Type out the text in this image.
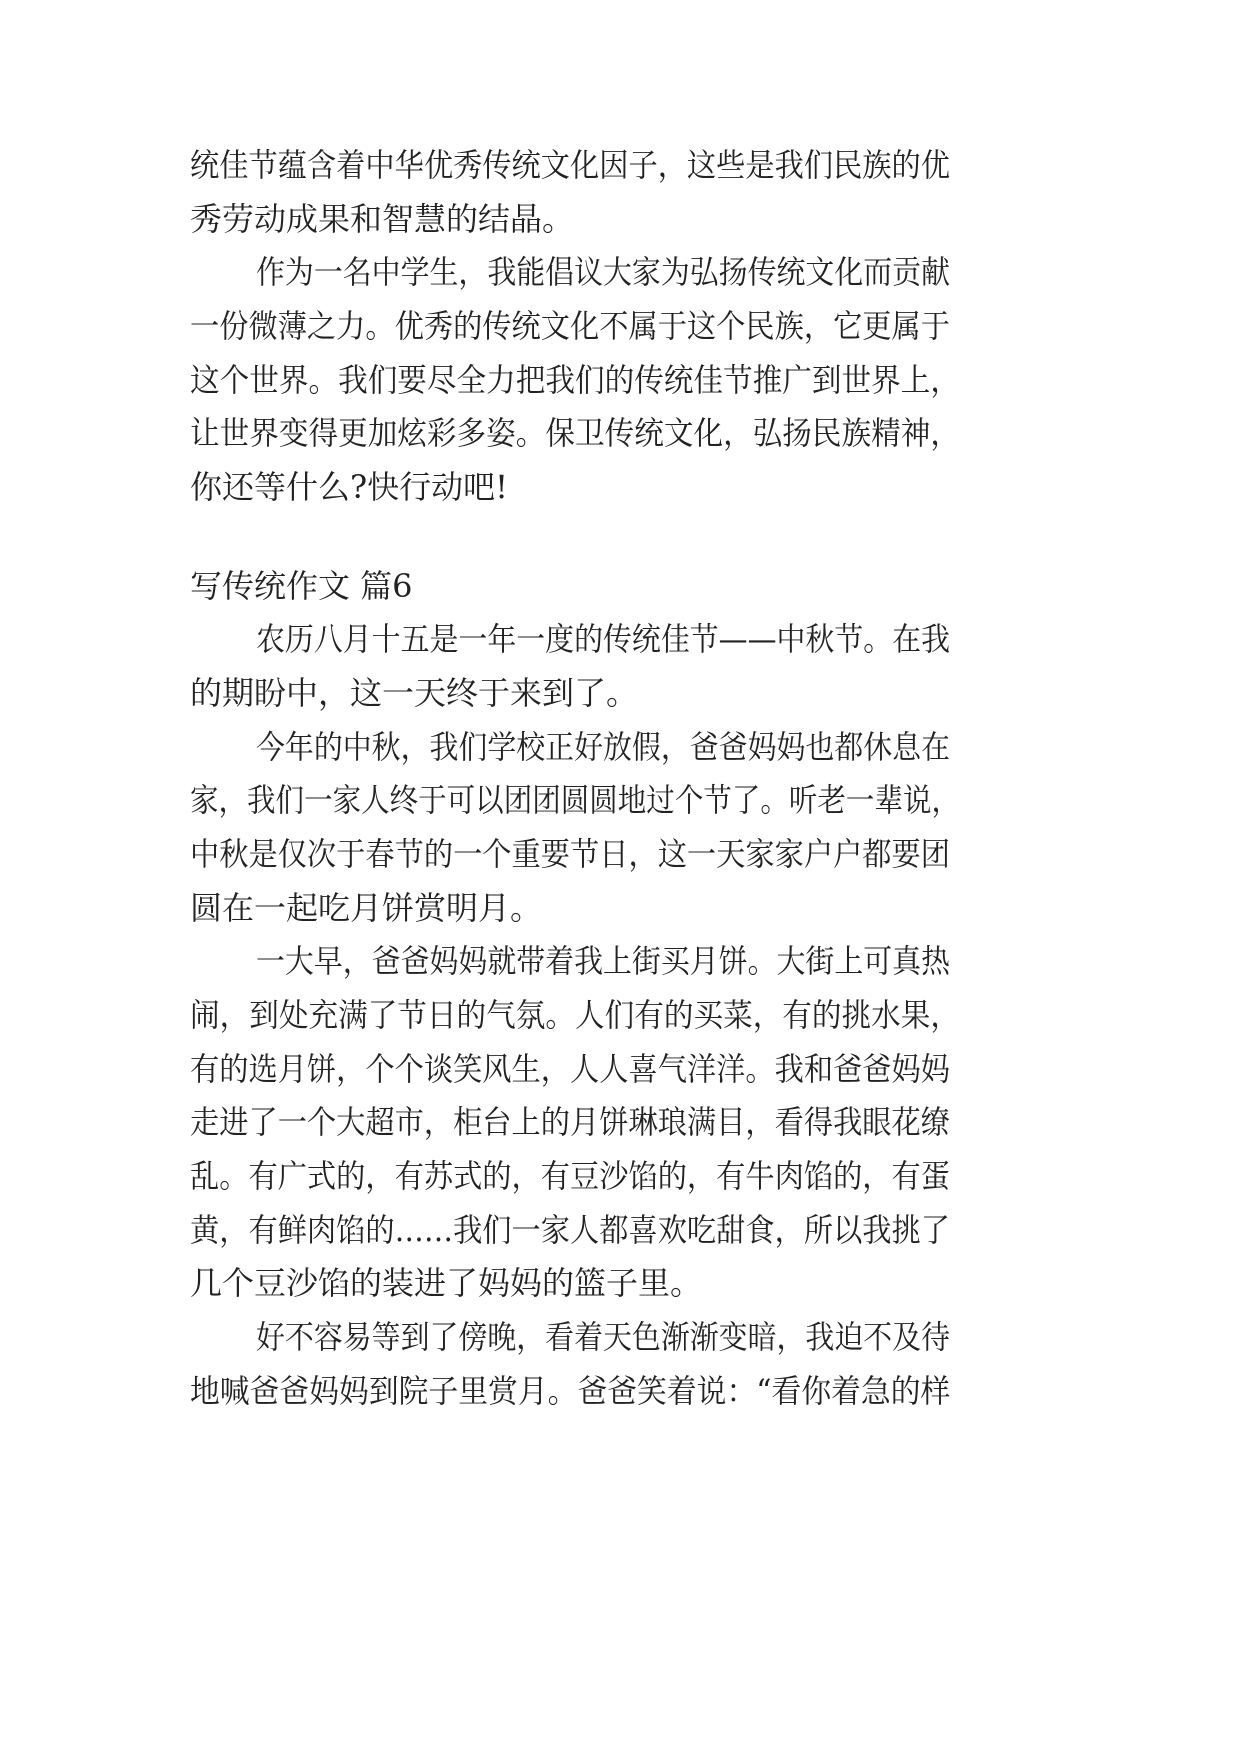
统佳节蕴含着中华优秀传统文化因子，这些是我们民族的优

秀劳动成果和智慧的结晶。

作为一名中学生，我能倡议大家为弘扬传统文化而贡献

一份微薄之力。优秀的传统文化不属于这个民族，它更属于

这个世界。我们要尽全力把我们的传统佳节推广到世界上，

让世界变得更加炫彩多姿。保卫传统文化，弘扬民族精神，

你还等什么?快行动吧!

写传统作文 篇6

农历八月十五是一年一度的传统佳节——中秋节。在我

的期盼中，这一天终于来到了。

今年的中秋，我们学校正好放假，爸爸妈妈也都休息在

家，我们一家人终于可以团团圆圆地过个节了。听老一辈说，

中秋是仅次于春节的一个重要节日，这一天家家户户都要团

圆在一起吃月饼赏明月。

一大早，爸爸妈妈就带着我上街买月饼。大街上可真热

闹，到处充满了节日的气氛。人们有的买菜，有的挑水果，

有的选月饼，个个谈笑风生，人人喜气洋洋。我和爸爸妈妈

走进了一个大超市，柜台上的月饼琳琅满目，看得我眼花缭

乱。有广式的，有苏式的，有豆沙馅的，有牛肉馅的，有蛋

黄，有鲜肉馅的……我们一家人都喜欢吃甜食，所以我挑了

几个豆沙馅的装进了妈妈的篮子里。

好不容易等到了傍晚，看着天色渐渐变暗，我迫不及待

地喊爸爸妈妈到院子里赏月。爸爸笑着说：“看你着急的样
